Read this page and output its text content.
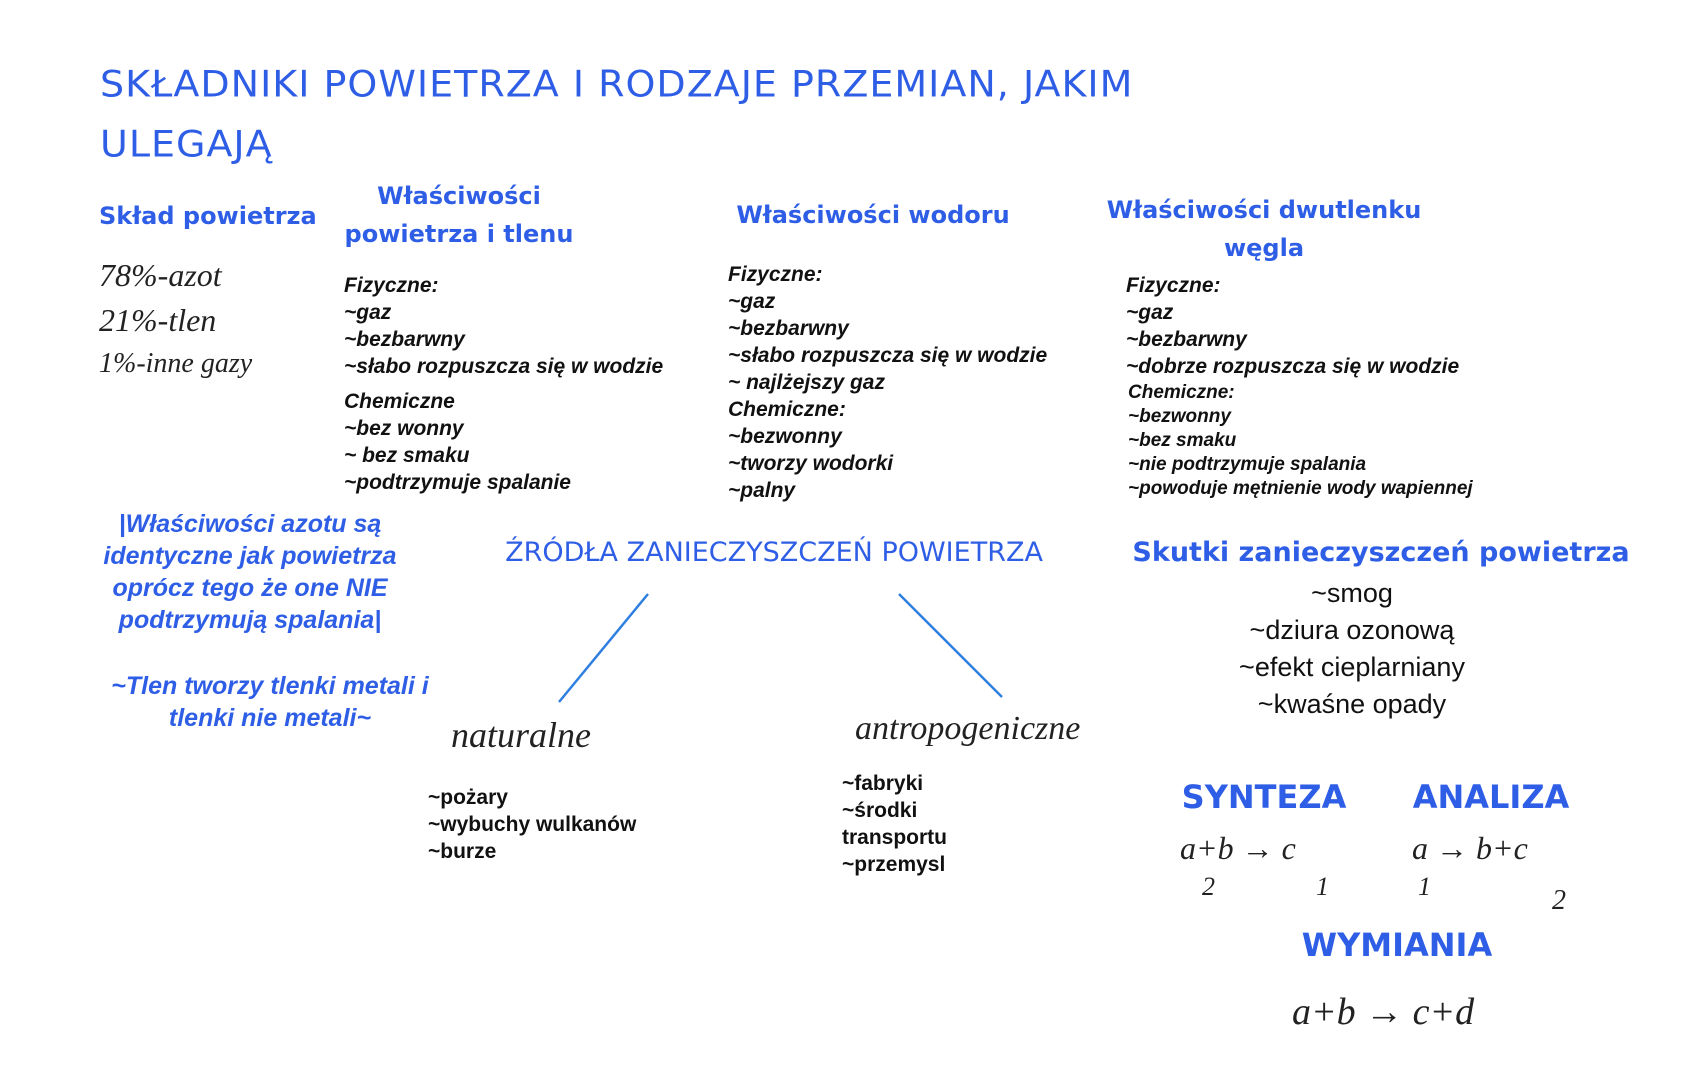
SKŁADNIKI POWIETRZA I RODZAJE PRZEMIAN, JAKIM
ULEGAJĄ
Skład powietrza
78%-azot
21%-tlen
1%-inne gazy
Właściwości
powietrza i tlenu
Fizyczne:
~gaz
~bezbarwny
~słabo rozpuszcza się w wodzie
Chemiczne
~bez wonny
~ bez smaku
~podtrzymuje spalanie
Właściwości wodoru
Fizyczne:
~gaz
~bezbarwny
~słabo rozpuszcza się w wodzie
~ najlżejszy gaz
Chemiczne:
~bezwonny
~tworzy wodorki
~palny
Właściwości dwutlenku
węgla
Fizyczne:
~gaz
~bezbarwny
~dobrze rozpuszcza się w wodzie
Chemiczne:
~bezwonny
~bez smaku
~nie podtrzymuje spalania
~powoduje mętnienie wody wapiennej
|Właściwości azotu są
identyczne jak powietrza
oprócz tego że one NIE
podtrzymują spalania|
~Tlen tworzy tlenki metali i
tlenki nie metali~
ŹRÓDŁA ZANIECZYSZCZEŃ POWIETRZA
naturalne	antropogeniczne
~pożary
~wybuchy wulkanów
~burze
~fabryki
~środki
transportu
~przemysl
Skutki zanieczyszczeń powietrza
~smog
~dziura ozonową
~efekt cieplarniany
~kwaśne opady
SYNTEZA ANALIZA
WYMIANIA
a+b → c
2	1
a → b+c
1	2
a+b → c+d
